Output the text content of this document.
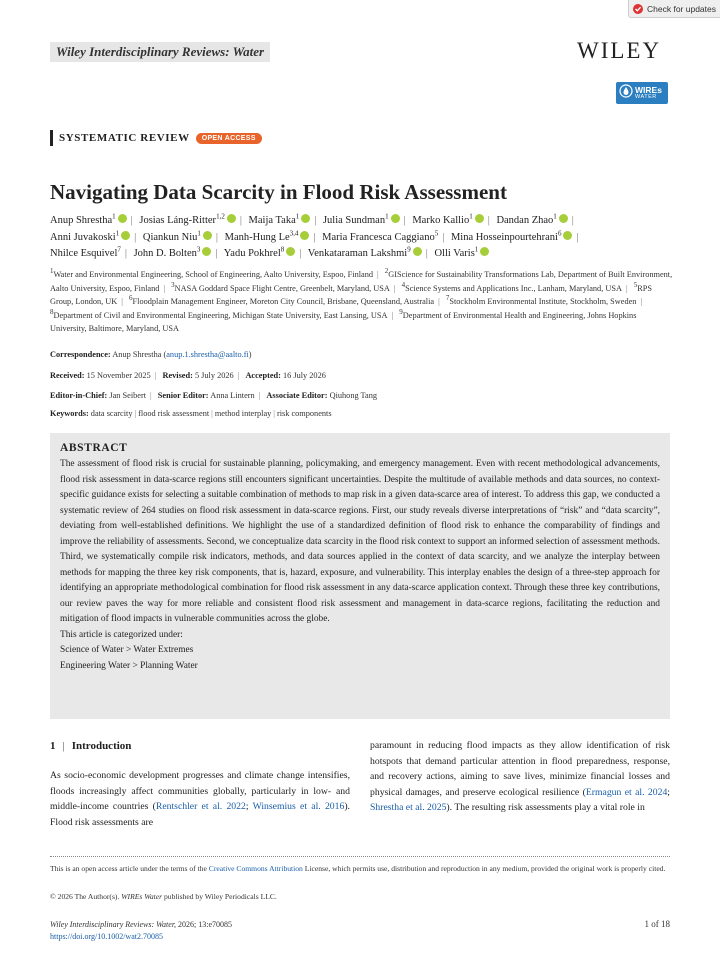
Check for updates
Wiley Interdisciplinary Reviews: Water	WILEY
WIREs
WATER
SYSTEMATIC REVIEW	OPEN ACCESS
Navigating Data Scarcity in Flood Risk Assessment
Anup Shrestha$^1$ | Josias Láng-Ritter$^{1,2}$ | Maija Taka$^1$ | Julia Sundman$^1$ | Marko Kallio$^1$ | Dandan Zhao$^1$ |
Anni Juvakoski$^1$ | Qiankun Niu$^1$ | Manh-Hung Le$^{3,4}$ | Maria Francesca Caggiano$^5$ | Mina Hosseinpourtehrani$^6$ |
Nhilce Esquivel$^7$ | John D. Bolten$^3$ | Yadu Pokhrel$^8$ | Venkataraman Lakshmi$^9$ | Olli Varis$^1$
$^1$Water and Environmental Engineering, School of Engineering, Aalto University, Espoo, Finland | $^2$GIScience for Sustainability Transformations Lab, Department of Built Environment, Aalto University, Espoo, Finland | $^3$NASA Goddard Space Flight Centre, Greenbelt, Maryland, USA | $^4$Science Systems and Applications Inc., Lanham, Maryland, USA | $^5$RPS Group, London, UK | $^6$Floodplain Management Engineer, Moreton City Council, Brisbane, Queensland, Australia | $^7$Stockholm Environmental Institute, Stockholm, Sweden | $^8$Department of Civil and Environmental Engineering, Michigan State University, East Lansing, USA | $^9$Department of Environmental Health and Engineering, Johns Hopkins University, Baltimore, Maryland, USA
Correspondence: Anup Shrestha (anup.1.shrestha@aalto.fi)
Received: 15 November 2025 | Revised: 5 July 2026 | Accepted: 16 July 2026
Editor-in-Chief: Jan Seibert | Senior Editor: Anna Lintern | Associate Editor: Qiuhong Tang
Keywords: data scarcity | flood risk assessment | method interplay | risk components
ABSTRACT

The assessment of flood risk is crucial for sustainable planning, policymaking, and emergency management. Even with recent methodological advancements, flood risk assessment in data-scarce regions still encounters significant uncertainties. Despite the multitude of available methods and data sources, no context-specific guidance exists for selecting a suitable combination of methods to map risk in a given data-scarce area of interest. To address this gap, we conducted a systematic review of 264 studies on flood risk assessment in data-scarce regions. First, our study reveals diverse interpretations of “risk” and “data scarcity”, deviating from well-established definitions. We highlight the use of a standardized definition of flood risk to enhance the comparability of findings and improve the reliability of assessments. Second, we conceptualize data scarcity in the flood risk context to support an informed selection of assessment methods. Third, we systematically compile risk indicators, methods, and data sources applied in the context of data scarcity, and we analyze the interplay between methods for mapping the three key risk components, that is, hazard, exposure, and vulnerability. This interplay enables the design of a three-step approach for identifying an appropriate methodological combination for flood risk assessment in any data-scarce application context. Through these three key contributions, our review paves the way for more reliable and consistent flood risk assessment and management in data-scarce regions, facilitating the reduction and mitigation of flood impacts in vulnerable communities across the globe.

This article is categorized under:
Science of Water > Water Extremes
Engineering Water > Planning Water
1 | Introduction
As socio-economic development progresses and climate change intensifies, floods increasingly affect communities globally, particularly in low- and middle-income countries (Rentschler et al. 2022; Winsemius et al. 2016). Flood risk assessments are
paramount in reducing flood impacts as they allow identification of risk hotspots that demand particular attention in flood preparedness, response, and recovery actions, aiming to save lives, minimize financial losses and physical damages, and preserve ecological resilience (Ermagun et al. 2024; Shrestha et al. 2025). The resulting risk assessments play a vital role in
This is an open access article under the terms of the Creative Commons Attribution License, which permits use, distribution and reproduction in any medium, provided the original work is properly cited.
© 2026 The Author(s). WIREs Water published by Wiley Periodicals LLC.
Wiley Interdisciplinary Reviews: Water, 2026; 13:e70085
https://doi.org/10.1002/wat2.70085
1 of 18
